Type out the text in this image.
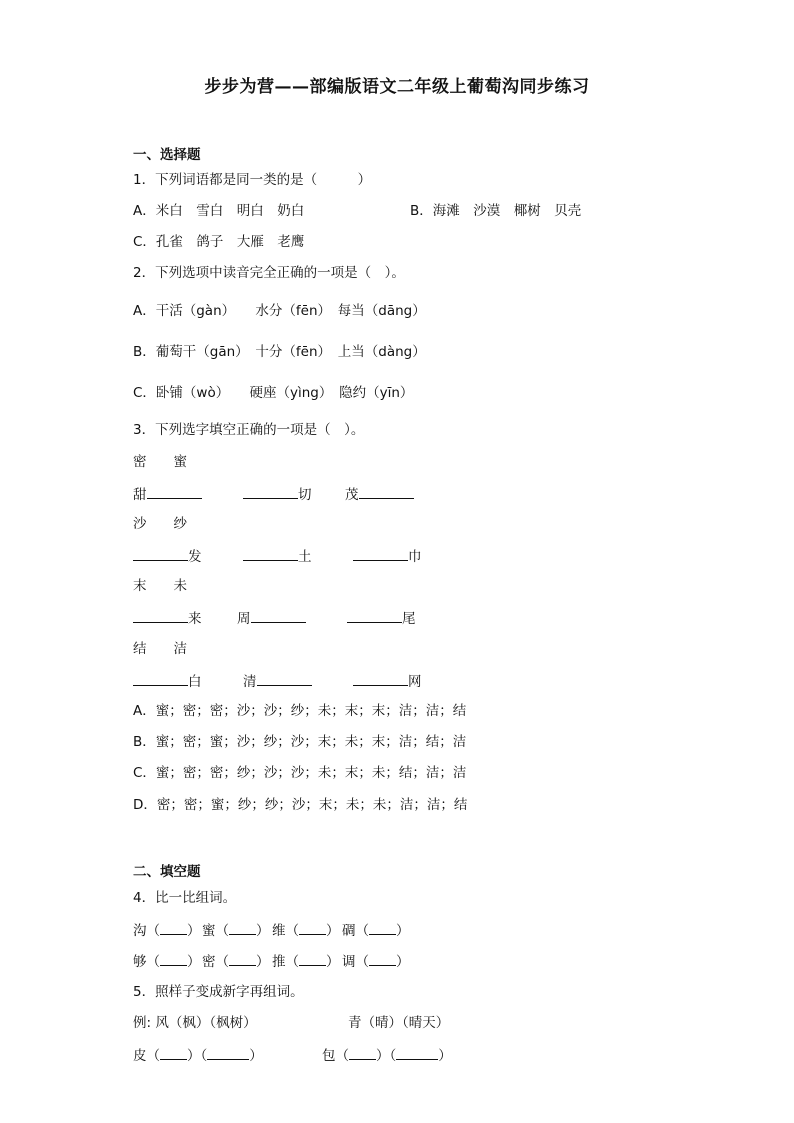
步步为营——部编版语文二年级上葡萄沟同步练习
一、选择题
1．下列词语都是同一类的是（　　　）
A．米白　雪白　明白　奶白	B．海滩　沙漠　椰树　贝壳
C．孔雀　鸽子　大雁　老鹰
2．下列选项中读音完全正确的一项是（　）。
A．干活（gàn）　　水分（fēn）　每当（dāng）
B．葡萄干（gān）　十分（fēn）　上当（dàng）
C．卧铺（wò）　　硬座（yìng）　隐约（yīn）
3．下列选字填空正确的一项是（　）。
密　　蜜
甜	切 茂
沙　　纱
发	土	巾
末　　未
来	周	尾
结　　洁
白	清	网
A．蜜；密；密；沙；沙；纱；未；末；末；洁；洁；结
B．蜜；密；蜜；沙；纱；沙；末；未；末；洁；结；洁
C．蜜；密；密；纱；沙；沙；未；末；未；结；洁；洁
D．密；密；蜜；纱；纱；沙；末；未；未；洁；洁；结
二、填空题
4．比一比组词。
沟（ ） 蜜（ ） 维（ ） 碉（ ）
够（ ） 密（ ） 推（ ） 调（ ）
5．照样子变成新字再组词。
例: 风（枫）（枫树）	青（晴）（晴天）
皮（ ）（	）	包（ ）（	）
